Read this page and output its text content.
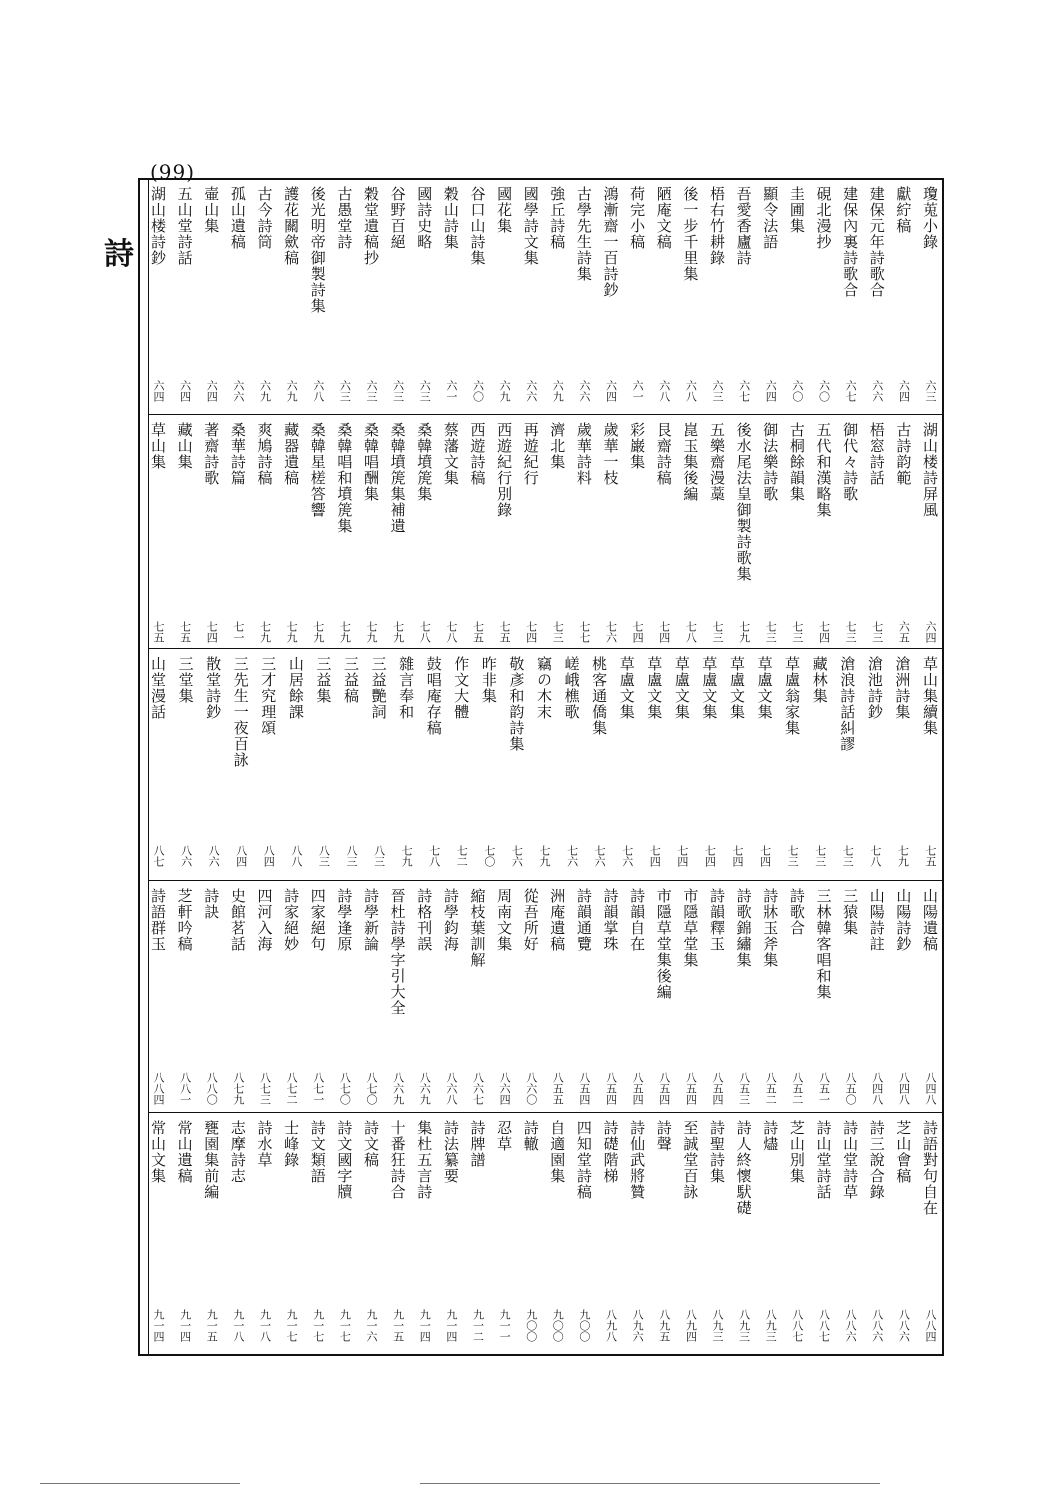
(99)
詩
瓊莵小錄
六三
獻紵稿
六四
建保元年詩歌合
六六
建保內裏詩歌合
六七
硯北漫抄
六〇
圭圃集
六〇
顯令法語
六四
吾愛香廬詩
六七
梧右竹耕錄
六三
後一步千里集
六八
陋庵文稿
六八
荷完小稿
六一
鴻漸齋一百詩鈔
六四
古學先生詩集
六六
強丘詩稿
六九
國學詩文集
六六
國花集
六九
谷口山詩集
六〇
穀山詩集
六一
國詩史略
六三
谷野百絕
六三
穀堂遺稿抄
六三
古愚堂詩
六三
後光明帝御製詩集
六八
護花關歛稿
六九
古今詩筒
六九
孤山遺稿
六六
壷山集
六四
五山堂詩話
六四
湖山楼詩鈔
六四
湖山楼詩屏風
六四
古詩韵範
六五
梧窓詩話
七三
御代々詩歌
七三
五代和漢略集
七四
古桐餘韻集
七三
御法樂詩歌
七三
後水尾法皇御製詩歌集
七九
五樂齋漫藁
七三
崑玉集後編
七八
艮齋詩稿
七四
彩巌集
七四
歲華一枝
七六
歲華詩料
七七
濟北集
七三
再遊紀行
七四
西遊紀行別錄
七五
西遊詩稿
七五
蔡藩文集
七八
桑韓墳箎集
七八
桑韓墳箎集補遺
七九
桑韓唱酬集
七九
桑韓唱和墳箎集
七九
桑韓星槎答響
七九
藏器遺稿
七九
爽鳩詩稿
七九
桑華詩篇
七一
著齋詩歌
七四
藏山集
七五
草山集
七五
草山集續集
七五
滄洲詩集
七九
滄池詩鈔
七八
滄浪詩話糾謬
七三
藏林集
七三
草盧翁家集
七三
草盧文集
七四
草盧文集
七四
草盧文集
七四
草盧文集
七四
草盧文集
七四
草盧文集
七六
桃客通僑集
七六
嵯峨樵歌
七六
竊の木末
七九
敬彥和韵詩集
七六
昨非集
七〇
作文大體
七二
鼓唱庵存稿
七八
雜言奉和
七九
三益艷詞
八三
三益稿
八三
三益集
八三
山居餘課
八八
三才究理頌
八四
三先生一夜百詠
八四
散堂詩鈔
八六
三堂集
八六
山堂漫話
八七
山陽遺稿
八四八
山陽詩鈔
八四八
山陽詩註
八四八
三猿集
八五〇
三林韓客唱和集
八五一
詩歌合
八五二
詩牀玉斧集
八五二
詩歌錦繡集
八五三
詩韻釋玉
八五四
市隱草堂集
八五四
市隱草堂集後編
八五四
詩韻自在
八五四
詩韻掌珠
八五四
詩韻通覽
八五四
洲庵遺稿
八五五
從吾所好
八六〇
周南文集
八六四
縮枝葉訓解
八六七
詩學鈞海
八六八
詩格刊誤
八六九
晉杜詩學字引大全
八六九
詩學新論
八七〇
詩學逢原
八七〇
四家絕句
八七一
詩家絕妙
八七二
四河入海
八七三
史館茗話
八七九
詩訣
八八〇
芝軒吟稿
八八一
詩語群玉
八八四
詩語對句自在
八八四
芝山會稿
八八六
詩三說合錄
八八六
詩山堂詩草
八八六
詩山堂詩話
八八七
芝山別集
八八七
詩燼
八九三
詩人終懷䭾礎
八九三
詩聖詩集
八九三
至誠堂百詠
八九四
詩聲
八九五
詩仙武將贊
八九六
詩礎階梯
八九八
四知堂詩稿
九〇〇
自適園集
九〇〇
詩轍
九〇〇
忍草
九一一
詩牌譜
九一二
詩法纂要
九一四
集杜五言詩
九一四
十番狂詩合
九一五
詩文稿
九一六
詩文國字牘
九一七
詩文類語
九一七
士峰錄
九一七
詩水草
九一八
志摩詩志
九一八
甕園集前編
九一五
常山遺稿
九一四
常山文集
九一四
